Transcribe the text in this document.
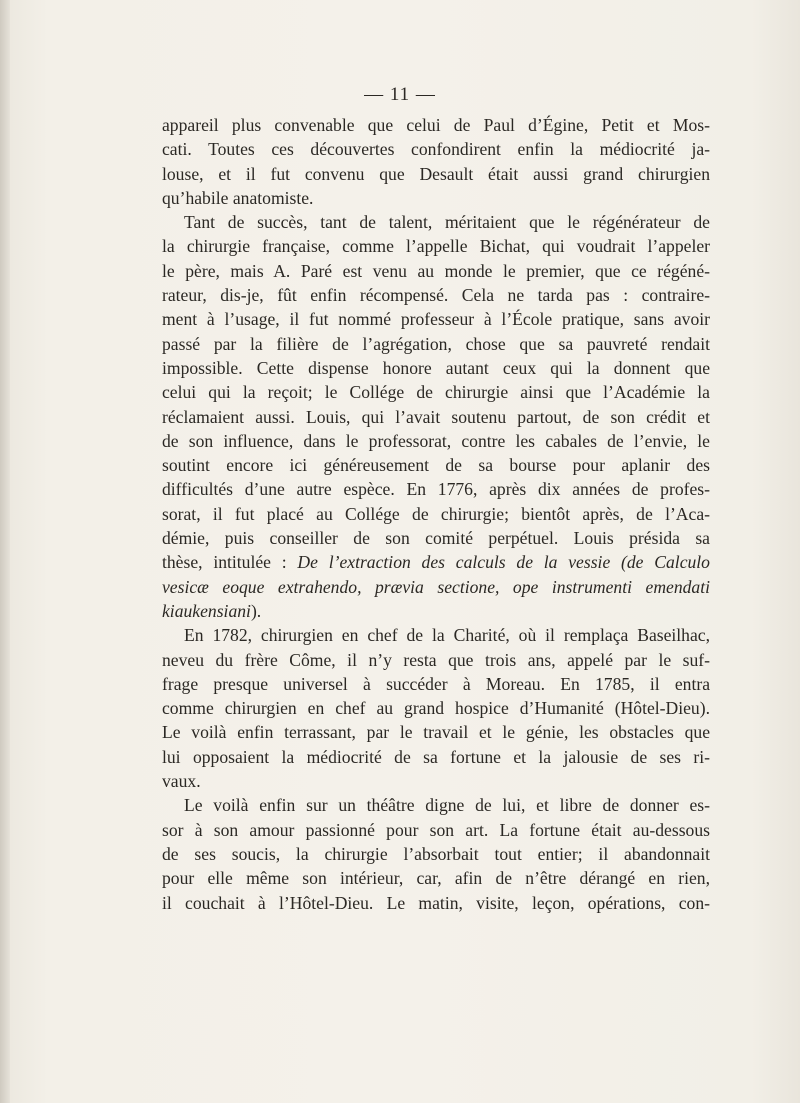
— 11 —
appareil plus convenable que celui de Paul d’Égine, Petit et Mos-
cati. Toutes ces découvertes confondirent enfin la médiocrité ja-
louse, et il fut convenu que Desault était aussi grand chirurgien
qu’habile anatomiste.
Tant de succès, tant de talent, méritaient que le régénérateur de
la chirurgie française, comme l’appelle Bichat, qui voudrait l’appeler
le père, mais A. Paré est venu au monde le premier, que ce régéné-
rateur, dis-je, fût enfin récompensé. Cela ne tarda pas : contraire-
ment à l’usage, il fut nommé professeur à l’École pratique, sans avoir
passé par la filière de l’agrégation, chose que sa pauvreté rendait
impossible. Cette dispense honore autant ceux qui la donnent que
celui qui la reçoit; le Collége de chirurgie ainsi que l’Académie la
réclamaient aussi. Louis, qui l’avait soutenu partout, de son crédit et
de son influence, dans le professorat, contre les cabales de l’envie, le
soutint encore ici généreusement de sa bourse pour aplanir des
difficultés d’une autre espèce. En 1776, après dix années de profes-
sorat, il fut placé au Collége de chirurgie; bientôt après, de l’Aca-
démie, puis conseiller de son comité perpétuel. Louis présida sa
thèse, intitulée : De l’extraction des calculs de la vessie (de Calculo
vesicæ eoque extrahendo, prævia sectione, ope instrumenti emendati
kiaukensiani).
En 1782, chirurgien en chef de la Charité, où il remplaça Baseilhac,
neveu du frère Côme, il n’y resta que trois ans, appelé par le suf-
frage presque universel à succéder à Moreau. En 1785, il entra
comme chirurgien en chef au grand hospice d’Humanité (Hôtel-Dieu).
Le voilà enfin terrassant, par le travail et le génie, les obstacles que
lui opposaient la médiocrité de sa fortune et la jalousie de ses ri-
vaux.
Le voilà enfin sur un théâtre digne de lui, et libre de donner es-
sor à son amour passionné pour son art. La fortune était au-dessous
de ses soucis, la chirurgie l’absorbait tout entier; il abandonnait
pour elle même son intérieur, car, afin de n’être dérangé en rien,
il couchait à l’Hôtel-Dieu. Le matin, visite, leçon, opérations, con-
